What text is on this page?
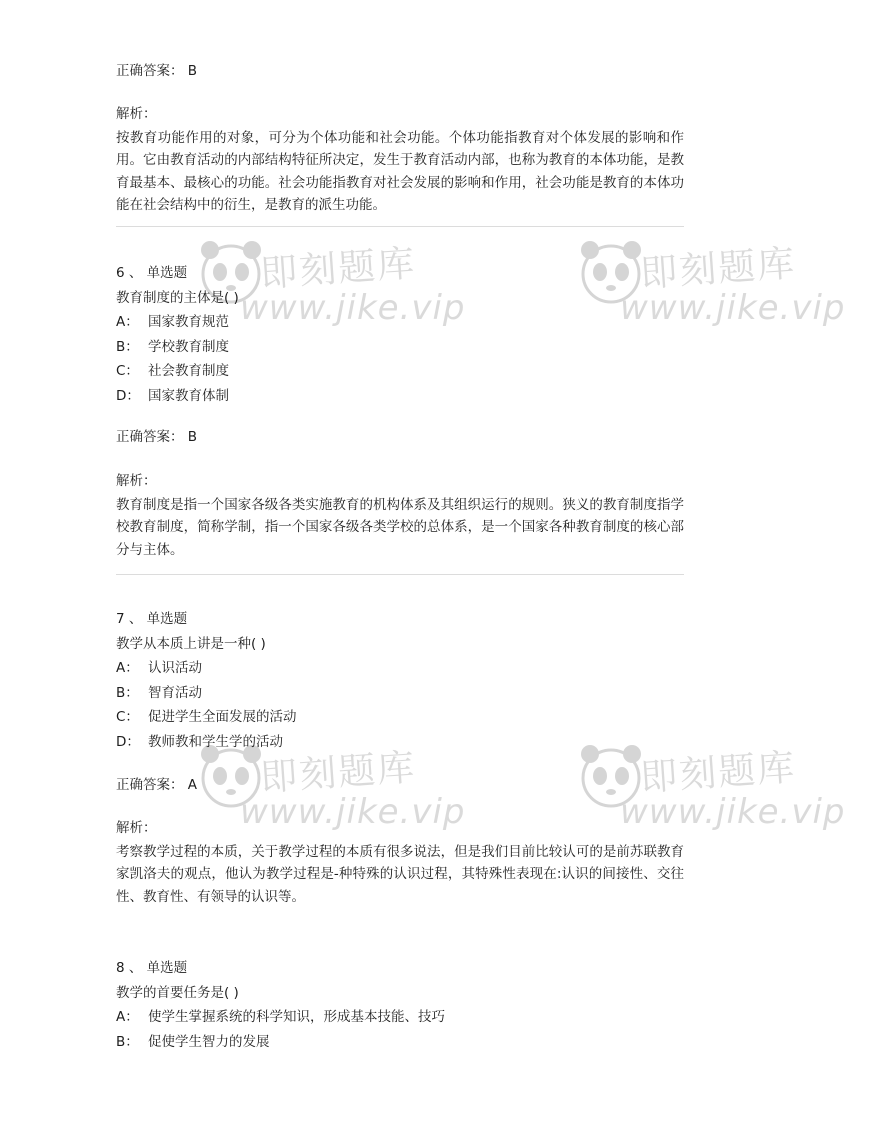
即刻题库
www.jike.vip
即刻题库
www.jike.vip
即刻题库
www.jike.vip
即刻题库
www.jike.vip
正确答案： B
解析：

按教育功能作用的对象，可分为个体功能和社会功能。个体功能指教育对个体发展的影响和作用。它由教育活动的内部结构特征所决定，发生于教育活动内部，也称为教育的本体功能，是教育最基本、最核心的功能。社会功能指教育对社会发展的影响和作用，社会功能是教育的本体功能在社会结构中的衍生，是教育的派生功能。

6 、 单选题
教育制度的主体是( )
A： 国家教育规范
B： 学校教育制度
C： 社会教育制度
D： 国家教育体制
正确答案： B
解析：

教育制度是指一个国家各级各类实施教育的机构体系及其组织运行的规则。狭义的教育制度指学校教育制度，简称学制，指一个国家各级各类学校的总体系，是一个国家各种教育制度的核心部分与主体。

7 、 单选题
教学从本质上讲是一种( )
A： 认识活动
B： 智育活动
C： 促进学生全面发展的活动
D： 教师教和学生学的活动
正确答案： A
解析：

考察教学过程的本质，关于教学过程的本质有很多说法，但是我们目前比较认可的是前苏联教育家凯洛夫的观点，他认为教学过程是-种特殊的认识过程，其特殊性表现在:认识的间接性、交往性、教育性、有领导的认识等。

8 、 单选题
教学的首要任务是( )
A： 使学生掌握系统的科学知识，形成基本技能、技巧
B： 促使学生智力的发展
